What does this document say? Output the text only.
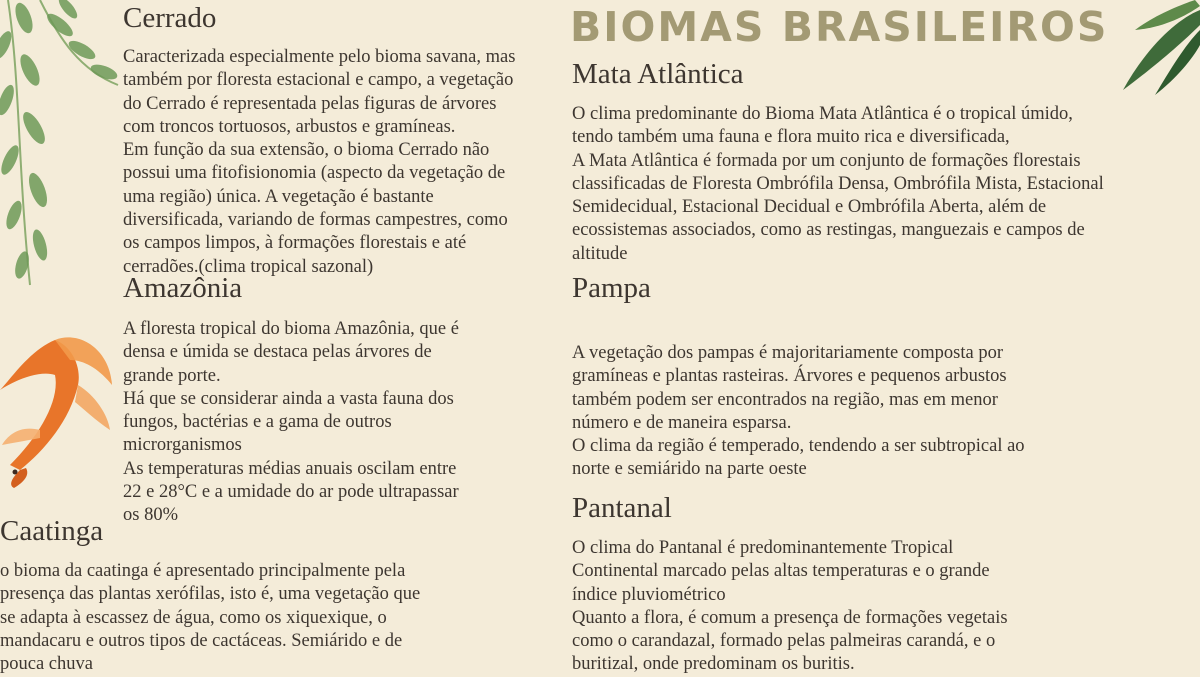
BIOMAS BRASILEIROS
Cerrado
Caracterizada especialmente pelo bioma savana, mas
também por floresta estacional e campo, a vegetação
do Cerrado é representada pelas figuras de árvores
com troncos tortuosos, arbustos e gramíneas.
Em função da sua extensão, o bioma Cerrado não
possui uma fitofisionomia (aspecto da vegetação de
uma região) única. A vegetação é bastante
diversificada, variando de formas campestres, como
os campos limpos, à formações florestais e até
cerradões.(clima tropical sazonal)
Amazônia
A floresta tropical do bioma Amazônia, que é
densa e úmida se destaca pelas árvores de
grande porte.
Há que se considerar ainda a vasta fauna dos
fungos, bactérias e a gama de outros
microrganismos
As temperaturas médias anuais oscilam entre
22 e 28°C e a umidade do ar pode ultrapassar
os 80%
Caatinga
o bioma da caatinga é apresentado principalmente pela
presença das plantas xerófilas, isto é, uma vegetação que
se adapta à escassez de água, como os xiquexique, o
mandacaru e outros tipos de cactáceas. Semiárido e de
pouca chuva
Mata Atlântica
O clima predominante do Bioma Mata Atlântica é o tropical úmido,
tendo também uma fauna e flora muito rica e diversificada,
A Mata Atlântica é formada por um conjunto de formações florestais
classificadas de Floresta Ombrófila Densa, Ombrófila Mista, Estacional
Semidecidual, Estacional Decidual e Ombrófila Aberta, além de
ecossistemas associados, como as restingas, manguezais e campos de
altitude
Pampa
A vegetação dos pampas é majoritariamente composta por
gramíneas e plantas rasteiras. Árvores e pequenos arbustos
também podem ser encontrados na região, mas em menor
número e de maneira esparsa.
O clima da região é temperado, tendendo a ser subtropical ao
norte e semiárido na parte oeste
Pantanal
O clima do Pantanal é predominantemente Tropical
Continental marcado pelas altas temperaturas e o grande
índice pluviométrico
Quanto a flora, é comum a presença de formações vegetais
como o carandazal, formado pelas palmeiras carandá, e o
buritizal, onde predominam os buritis.
